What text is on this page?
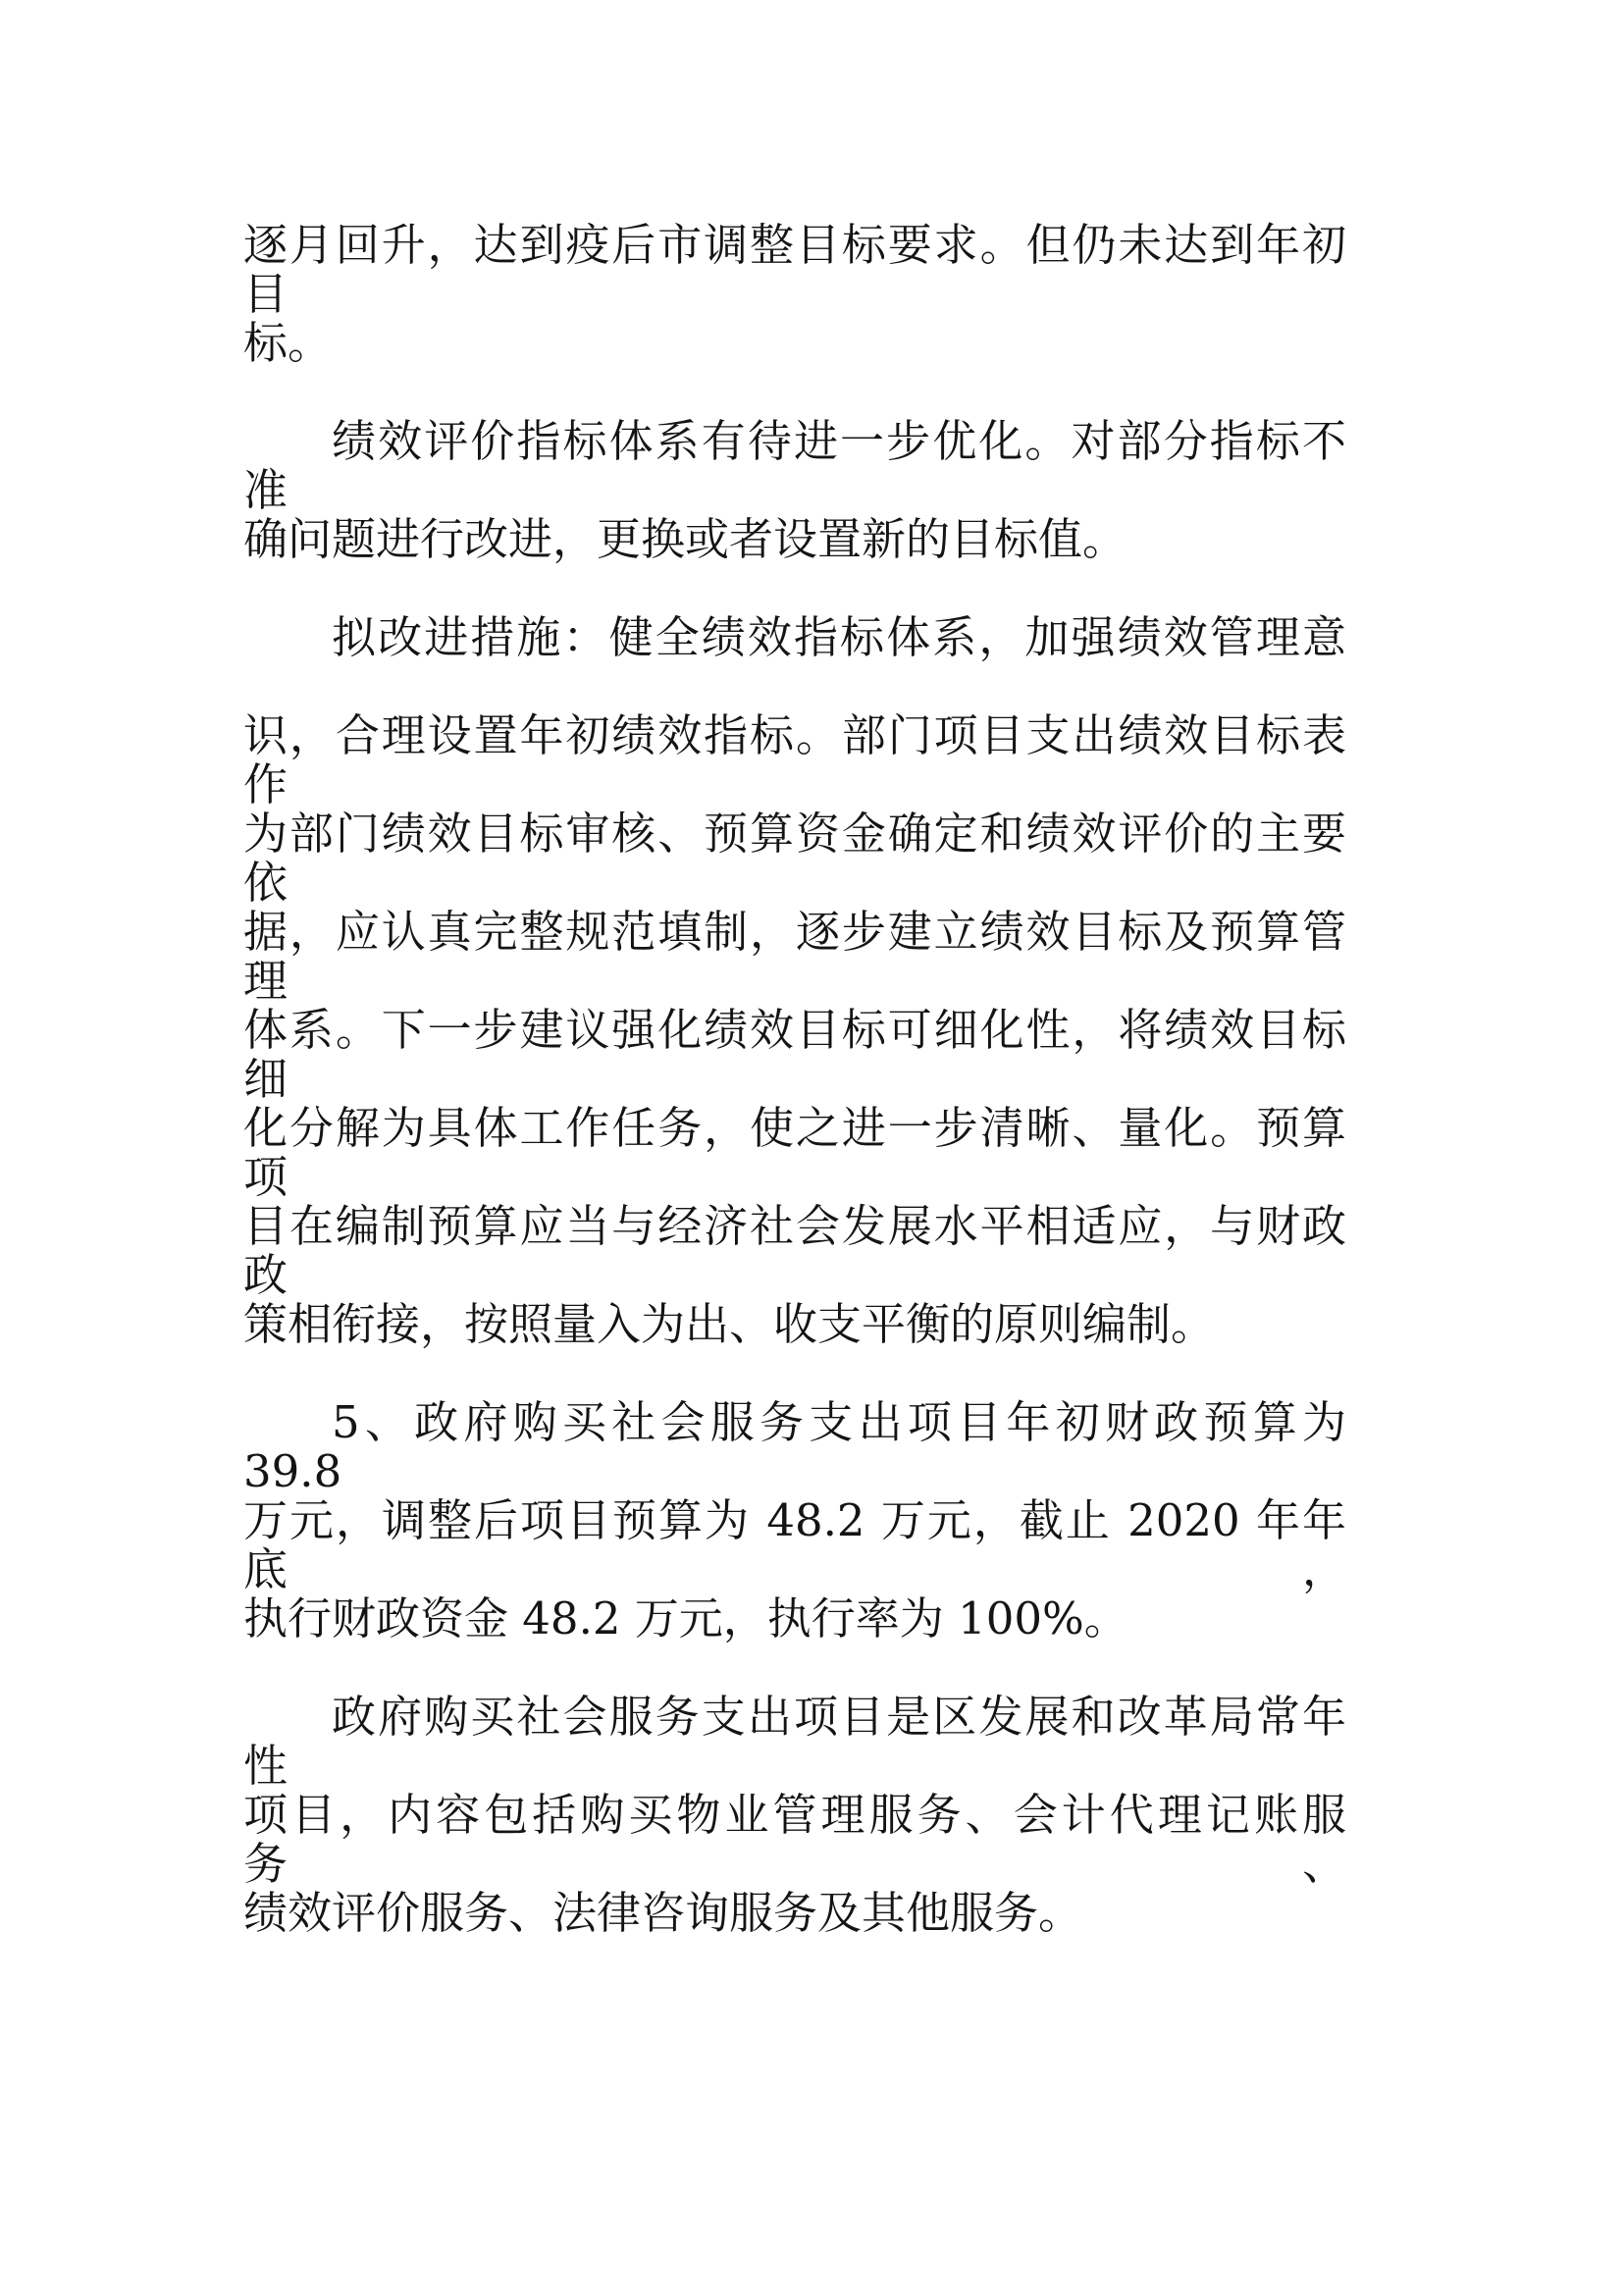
逐月回升，达到疫后市调整目标要求。但仍未达到年初目
标。
绩效评价指标体系有待进一步优化。对部分指标不准
确问题进行改进，更换或者设置新的目标值。
拟改进措施：健全绩效指标体系，加强绩效管理意
识，合理设置年初绩效指标。部门项目支出绩效目标表作
为部门绩效目标审核、预算资金确定和绩效评价的主要依
据，应认真完整规范填制，逐步建立绩效目标及预算管理
体系。下一步建议强化绩效目标可细化性，将绩效目标细
化分解为具体工作任务，使之进一步清晰、量化。预算项
目在编制预算应当与经济社会发展水平相适应，与财政政
策相衔接，按照量入为出、收支平衡的原则编制。
5、政府购买社会服务支出项目年初财政预算为 39.8
万元，调整后项目预算为 48.2 万元，截止 2020 年年底，
执行财政资金 48.2 万元，执行率为 100%。
政府购买社会服务支出项目是区发展和改革局常年性
项目，内容包括购买物业管理服务、会计代理记账服务、
绩效评价服务、法律咨询服务及其他服务。
